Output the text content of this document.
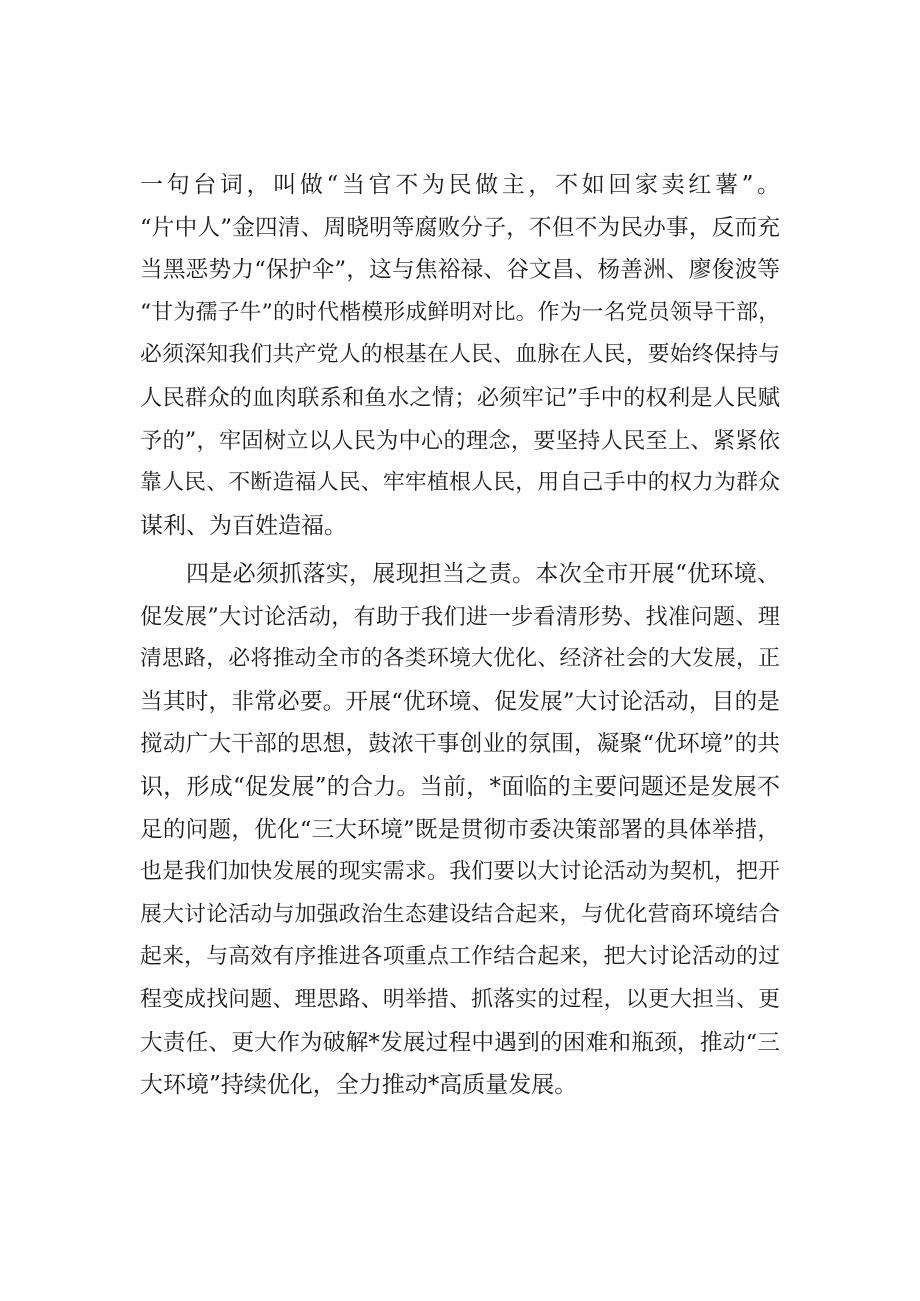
一句台词，叫做“当官不为民做主，不如回家卖红薯”。
“片中人”金四清、周晓明等腐败分子，不但不为民办事，反而充
当黑恶势力“保护伞”，这与焦裕禄、谷文昌、杨善洲、廖俊波等
“甘为孺子牛”的时代楷模形成鲜明对比。作为一名党员领导干部，
必须深知我们共产党人的根基在人民、血脉在人民，要始终保持与
人民群众的血肉联系和鱼水之情；必须牢记”手中的权利是人民赋
予的”，牢固树立以人民为中心的理念，要坚持人民至上、紧紧依
靠人民、不断造福人民、牢牢植根人民，用自己手中的权力为群众
谋利、为百姓造福。
四是必须抓落实，展现担当之责。本次全市开展“优环境、
促发展”大讨论活动，有助于我们进一步看清形势、找准问题、理
清思路，必将推动全市的各类环境大优化、经济社会的大发展，正
当其时，非常必要。开展“优环境、促发展”大讨论活动，目的是
搅动广大干部的思想，鼓浓干事创业的氛围，凝聚“优环境”的共
识，形成“促发展”的合力。当前，*面临的主要问题还是发展不
足的问题，优化“三大环境”既是贯彻市委决策部署的具体举措，
也是我们加快发展的现实需求。我们要以大讨论活动为契机，把开
展大讨论活动与加强政治生态建设结合起来，与优化营商环境结合
起来，与高效有序推进各项重点工作结合起来，把大讨论活动的过
程变成找问题、理思路、明举措、抓落实的过程，以更大担当、更
大责任、更大作为破解*发展过程中遇到的困难和瓶颈，推动“三
大环境”持续优化，全力推动*高质量发展。
